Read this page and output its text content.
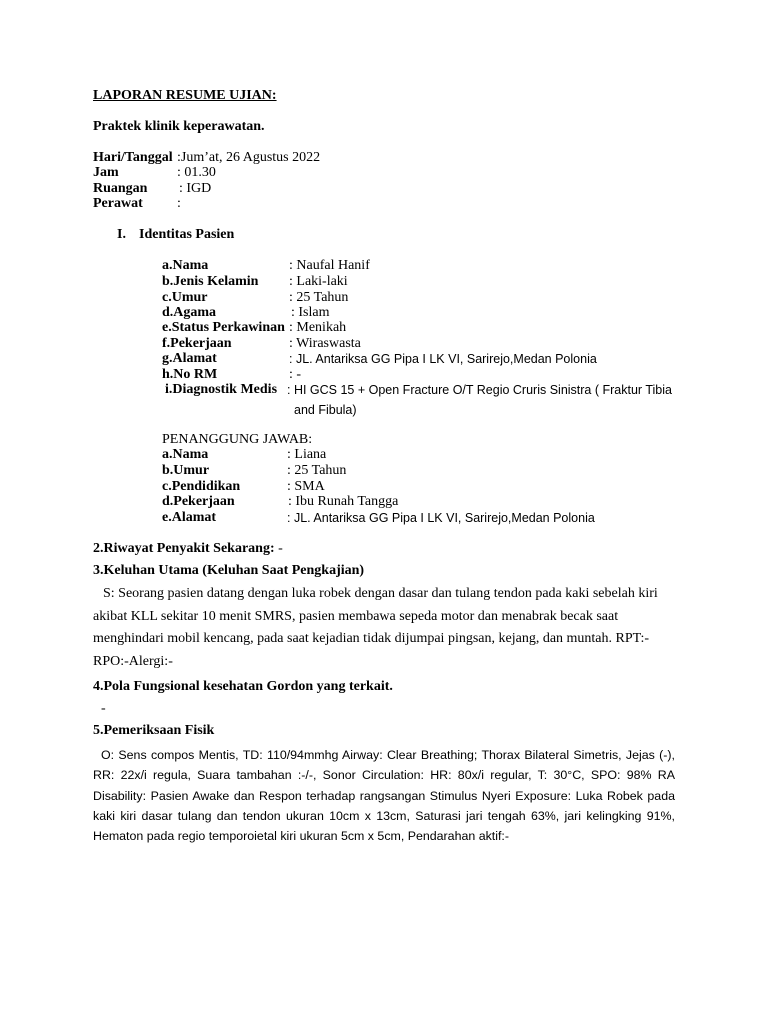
LAPORAN RESUME UJIAN:
Praktek klinik keperawatan.
Hari/Tanggal :Jum’at, 26 Agustus 2022
Jam	: 01.30
Ruangan : IGD
Perawat :
I. Identitas Pasien
a.Nama	: Naufal Hanif
b.Jenis Kelamin : Laki-laki
c.Umur	: 25 Tahun
d.Agama	: Islam
e.Status Perkawinan : Menikah
f.Pekerjaan	: Wiraswasta
g.Alamat	: JL. Antariksa GG Pipa I LK VI, Sarirejo,Medan Polonia
h.No RM	: -
i.Diagnostik Medis : HI GCS 15 + Open Fracture O/T Regio Cruris Sinistra ( Fraktur Tibia
and Fibula)
PENANGGUNG JAWAB:
a.Nama	: Liana
b.Umur	: 25 Tahun
c.Pendidikan	: SMA
d.Pekerjaan	: Ibu Runah Tangga
e.Alamat	: JL. Antariksa GG Pipa I LK VI, Sarirejo,Medan Polonia
2.Riwayat Penyakit Sekarang: -
3.Keluhan Utama (Keluhan Saat Pengkajian)
S: Seorang pasien datang dengan luka robek dengan dasar dan tulang tendon pada kaki sebelah kiri akibat KLL sekitar 10 menit SMRS, pasien membawa sepeda motor dan menabrak becak saat menghindari mobil kencang, pada saat kejadian tidak dijumpai pingsan, kejang, dan muntah. RPT:- RPO:-Alergi:-
4.Pola Fungsional kesehatan Gordon yang terkait.
-
5.Pemeriksaan Fisik
O: Sens compos Mentis, TD: 110/94mmhg Airway: Clear Breathing; Thorax Bilateral Simetris, Jejas (-), RR: 22x/i regula, Suara tambahan :-/-, Sonor Circulation: HR: 80x/i regular, T: 30°C, SPO: 98% RA Disability: Pasien Awake dan Respon terhadap rangsangan Stimulus Nyeri Exposure: Luka Robek pada kaki kiri dasar tulang dan tendon ukuran 10cm x 13cm, Saturasi jari tengah 63%, jari kelingking 91%, Hematon pada regio temporoietal kiri ukuran 5cm x 5cm, Pendarahan aktif:-
